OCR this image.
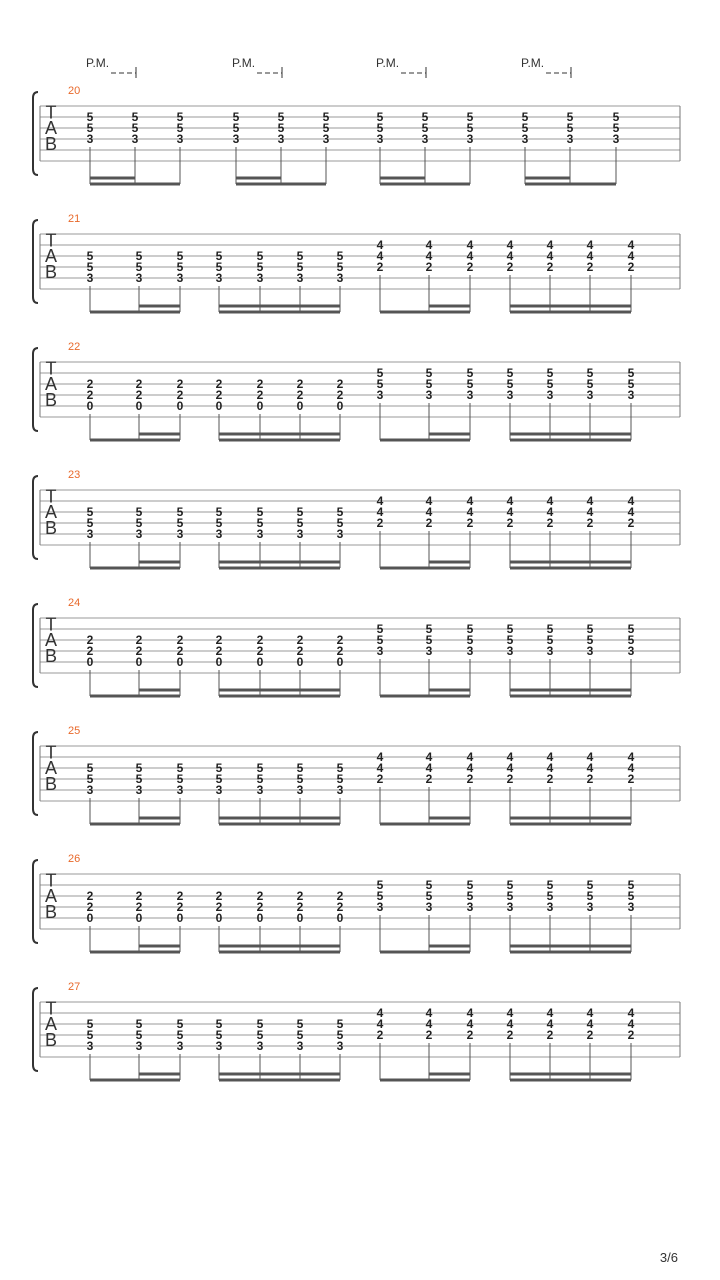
T
A
B
20
5
5
3
5
5
3
5
5
3
5
5
3
5
5
3
5
5
3
5
5
3
5
5
3
5
5
3
5
5
3
5
5
3
5
5
3
P.M.	P.M.	P.M.	P.M.
T
A
B
21
5
5
3
5
5
3
5
5
3
5
5
3
5
5
3
5
5
3
5
5
3
4
4
2
4
4
2
4
4
2
4
4
2
4
4
2
4
4
2
4
4
2
T
A
B
22
2
2
0
2
2
0
2
2
0
2
2
0
2
2
0
2
2
0
2
2
0
5
5
3
5
5
3
5
5
3
5
5
3
5
5
3
5
5
3
5
5
3
T
A
B
23
5
5
3
5
5
3
5
5
3
5
5
3
5
5
3
5
5
3
5
5
3
4
4
2
4
4
2
4
4
2
4
4
2
4
4
2
4
4
2
4
4
2
T
A
B
24
2
2
0
2
2
0
2
2
0
2
2
0
2
2
0
2
2
0
2
2
0
5
5
3
5
5
3
5
5
3
5
5
3
5
5
3
5
5
3
5
5
3
T
A
B
25
5
5
3
5
5
3
5
5
3
5
5
3
5
5
3
5
5
3
5
5
3
4
4
2
4
4
2
4
4
2
4
4
2
4
4
2
4
4
2
4
4
2
T
A
B
26
2
2
0
2
2
0
2
2
0
2
2
0
2
2
0
2
2
0
2
2
0
5
5
3
5
5
3
5
5
3
5
5
3
5
5
3
5
5
3
5
5
3
T
A
B
27
5
5
3
5
5
3
5
5
3
5
5
3
5
5
3
5
5
3
5
5
3
4
4
2
4
4
2
4
4
2
4
4
2
4
4
2
4
4
2
4
4
2
3/6
